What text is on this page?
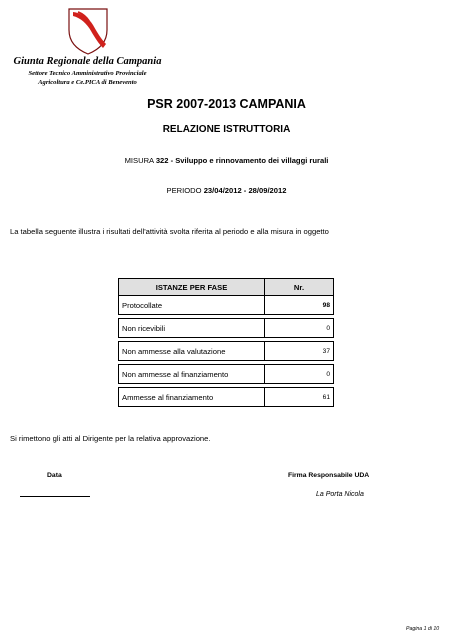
Giunta Regionale della Campania
Settore Tecnico Amministrativo Provinciale
Agricoltura e Ce.PICA di Benevento
PSR 2007-2013 CAMPANIA
RELAZIONE ISTRUTTORIA
MISURA 322 - Sviluppo e rinnovamento dei villaggi rurali
PERIODO 23/04/2012 - 28/09/2012
La tabella seguente illustra i risultati dell'attività svolta riferita al periodo e alla misura in oggetto
ISTANZE PER FASE	Nr.
Protocollate	98

Non ricevibili	0

Non ammesse alla valutazione	37

Non ammesse al finanziamento	0

Ammesse al finanziamento	61
Si rimettono gli atti al Dirigente per la relativa approvazione.
Data	Firma Responsabile UDA
La Porta Nicola
Pagina 1 di 10
